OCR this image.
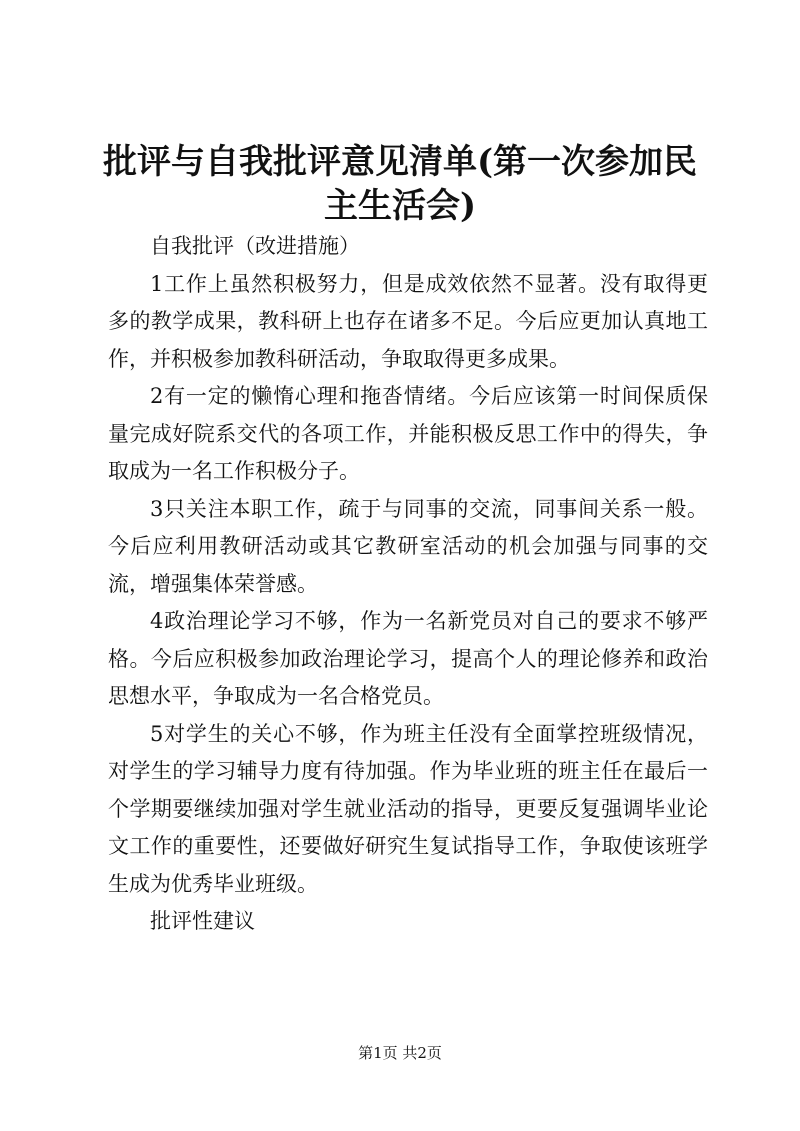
批评与自我批评意见清单(第一次参加民主生活会)

自我批评（改进措施）

1工作上虽然积极努力，但是成效依然不显著。没有取得更多的教学成果，教科研上也存在诸多不足。今后应更加认真地工作，并积极参加教科研活动，争取取得更多成果。

2有一定的懒惰心理和拖沓情绪。今后应该第一时间保质保量完成好院系交代的各项工作，并能积极反思工作中的得失，争取成为一名工作积极分子。

3只关注本职工作，疏于与同事的交流，同事间关系一般。今后应利用教研活动或其它教研室活动的机会加强与同事的交流，增强集体荣誉感。

4政治理论学习不够，作为一名新党员对自己的要求不够严格。今后应积极参加政治理论学习，提高个人的理论修养和政治思想水平，争取成为一名合格党员。

5对学生的关心不够，作为班主任没有全面掌控班级情况，对学生的学习辅导力度有待加强。作为毕业班的班主任在最后一个学期要继续加强对学生就业活动的指导，更要反复强调毕业论文工作的重要性，还要做好研究生复试指导工作，争取使该班学生成为优秀毕业班级。

批评性建议

第1页 共2页
